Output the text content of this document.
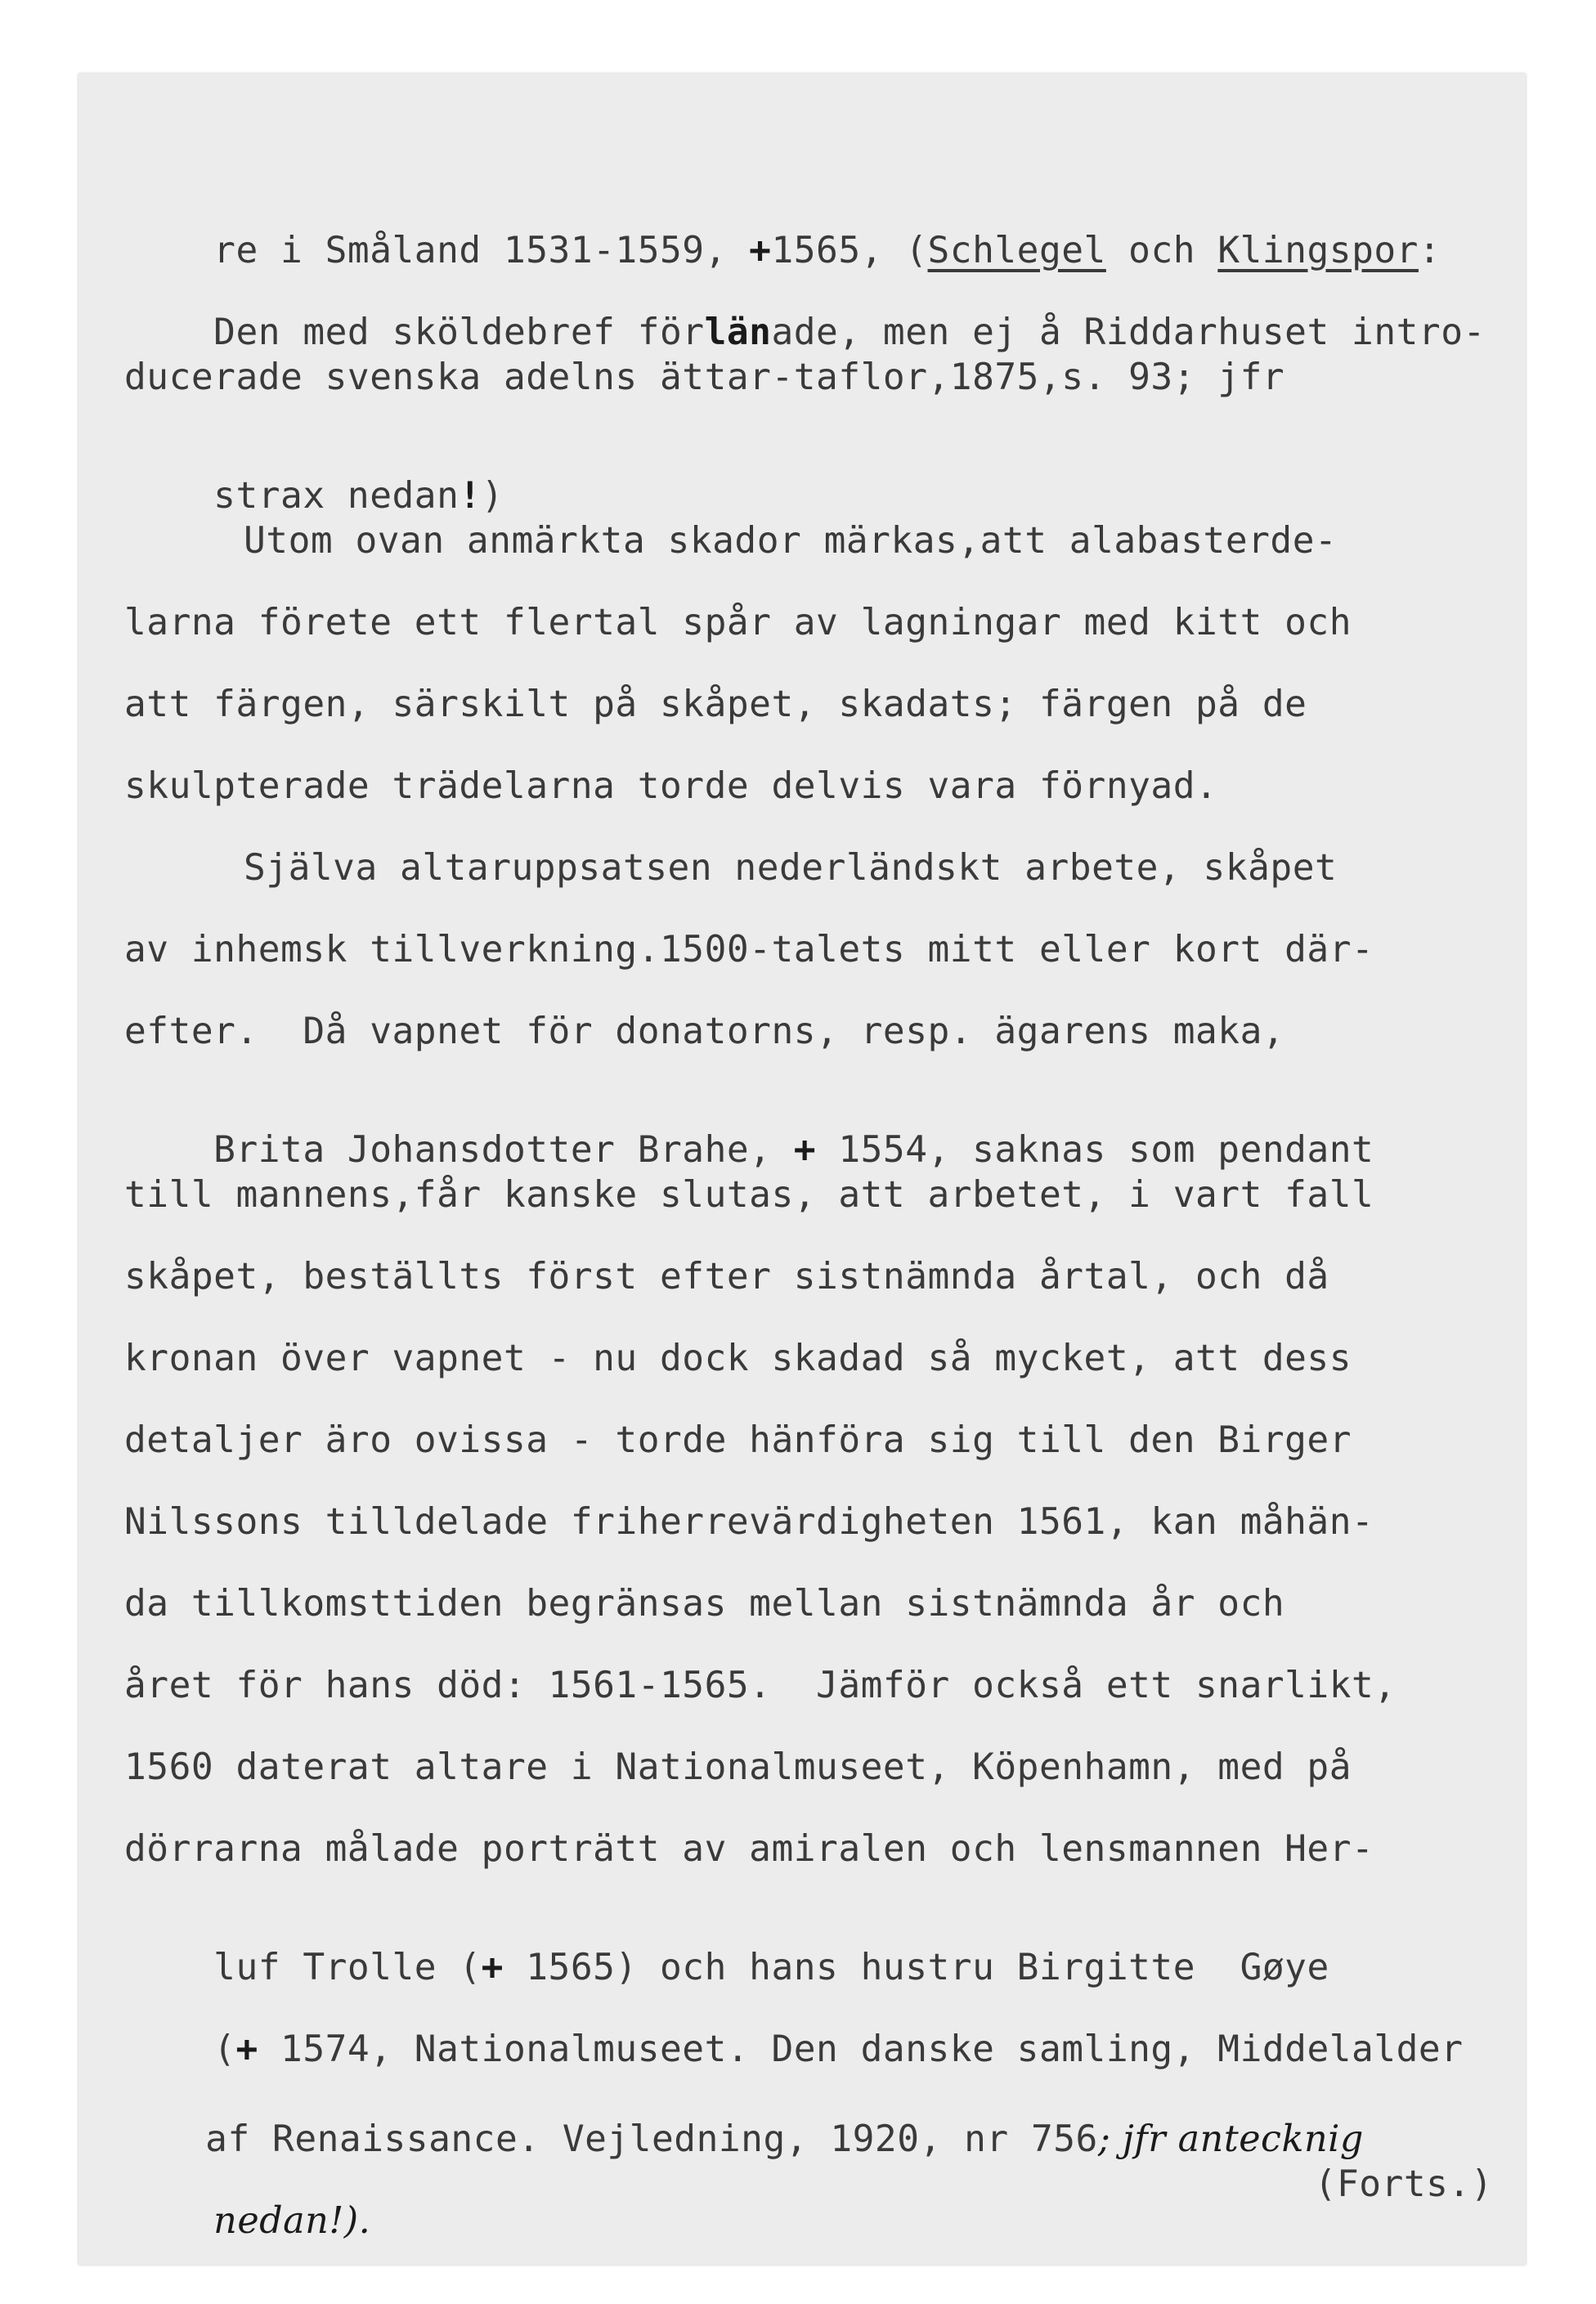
re i Småland 1531-1559, +1565, (Schlegel och Klingspor:

Den med sköldebref förlänade, men ej å Riddarhuset intro-

ducerade svenska adelns ättar-taflor,1875,s. 93; jfr

strax nedan!)

Utom ovan anmärkta skador märkas,att alabasterde-
larna förete ett flertal spår av lagningar med kitt och
att färgen, särskilt på skåpet, skadats; färgen på de
skulpterade trädelarna torde delvis vara förnyad.
Själva altaruppsatsen nederländskt arbete, skåpet
av inhemsk tillverkning.1500-talets mitt eller kort där-
efter.  Då vapnet för donatorns, resp. ägarens maka,

Brita Johansdotter Brahe, + 1554, saknas som pendant

till mannens,får kanske slutas, att arbetet, i vart fall
skåpet, beställts först efter sistnämnda årtal, och då
kronan över vapnet - nu dock skadad så mycket, att dess
detaljer äro ovissa - torde hänföra sig till den Birger
Nilssons tilldelade friherrevärdigheten 1561, kan måhän-
da tillkomsttiden begränsas mellan sistnämnda år och
året för hans död: 1561-1565.  Jämför också ett snarlikt,
1560 daterat altare i Nationalmuseet, Köpenhamn, med på
dörrarna målade porträtt av amiralen och lensmannen Her-

luf Trolle (+ 1565) och hans hustru Birgitte  Gøye

(+ 1574, Nationalmuseet. Den danske samling, Middelalder

af Renaissance. Vejledning, 1920, nr 756; jfr antecknig

nedan!).

(Forts.)
